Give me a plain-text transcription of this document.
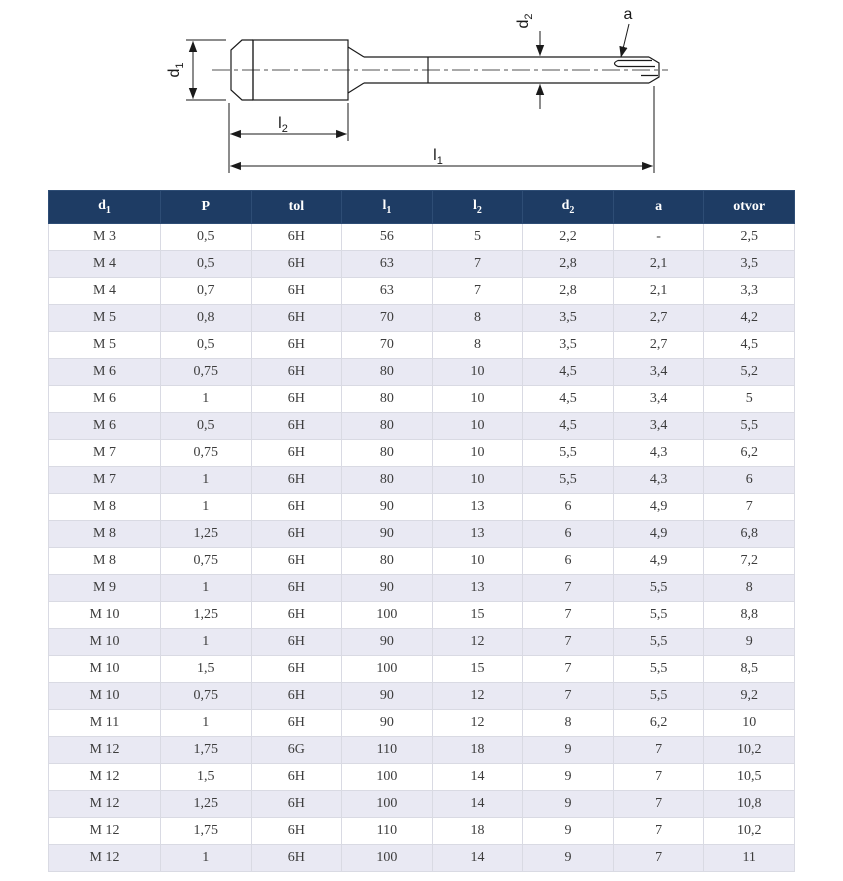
$d_1$
$d_2$	a
$l_2$
$l_1$
$d_1$	P	tol	$l_1$	$l_2$	$d_2$	a	otvor
M 3	0,5	6H	56	5	2,2	-	2,5
M 4	0,5	6H	63	7	2,8	2,1	3,5
M 4	0,7	6H	63	7	2,8	2,1	3,3
M 5	0,8	6H	70	8	3,5	2,7	4,2
M 5	0,5	6H	70	8	3,5	2,7	4,5
M 6	0,75	6H	80	10	4,5	3,4	5,2
M 6	1	6H	80	10	4,5	3,4	5
M 6	0,5	6H	80	10	4,5	3,4	5,5
M 7	0,75	6H	80	10	5,5	4,3	6,2
M 7	1	6H	80	10	5,5	4,3	6
M 8	1	6H	90	13	6	4,9	7
M 8	1,25	6H	90	13	6	4,9	6,8
M 8	0,75	6H	80	10	6	4,9	7,2
M 9	1	6H	90	13	7	5,5	8
M 10	1,25	6H	100	15	7	5,5	8,8
M 10	1	6H	90	12	7	5,5	9
M 10	1,5	6H	100	15	7	5,5	8,5
M 10	0,75	6H	90	12	7	5,5	9,2
M 11	1	6H	90	12	8	6,2	10
M 12	1,75	6G	110	18	9	7	10,2
M 12	1,5	6H	100	14	9	7	10,5
M 12	1,25	6H	100	14	9	7	10,8
M 12	1,75	6H	110	18	9	7	10,2
M 12	1	6H	100	14	9	7	11
